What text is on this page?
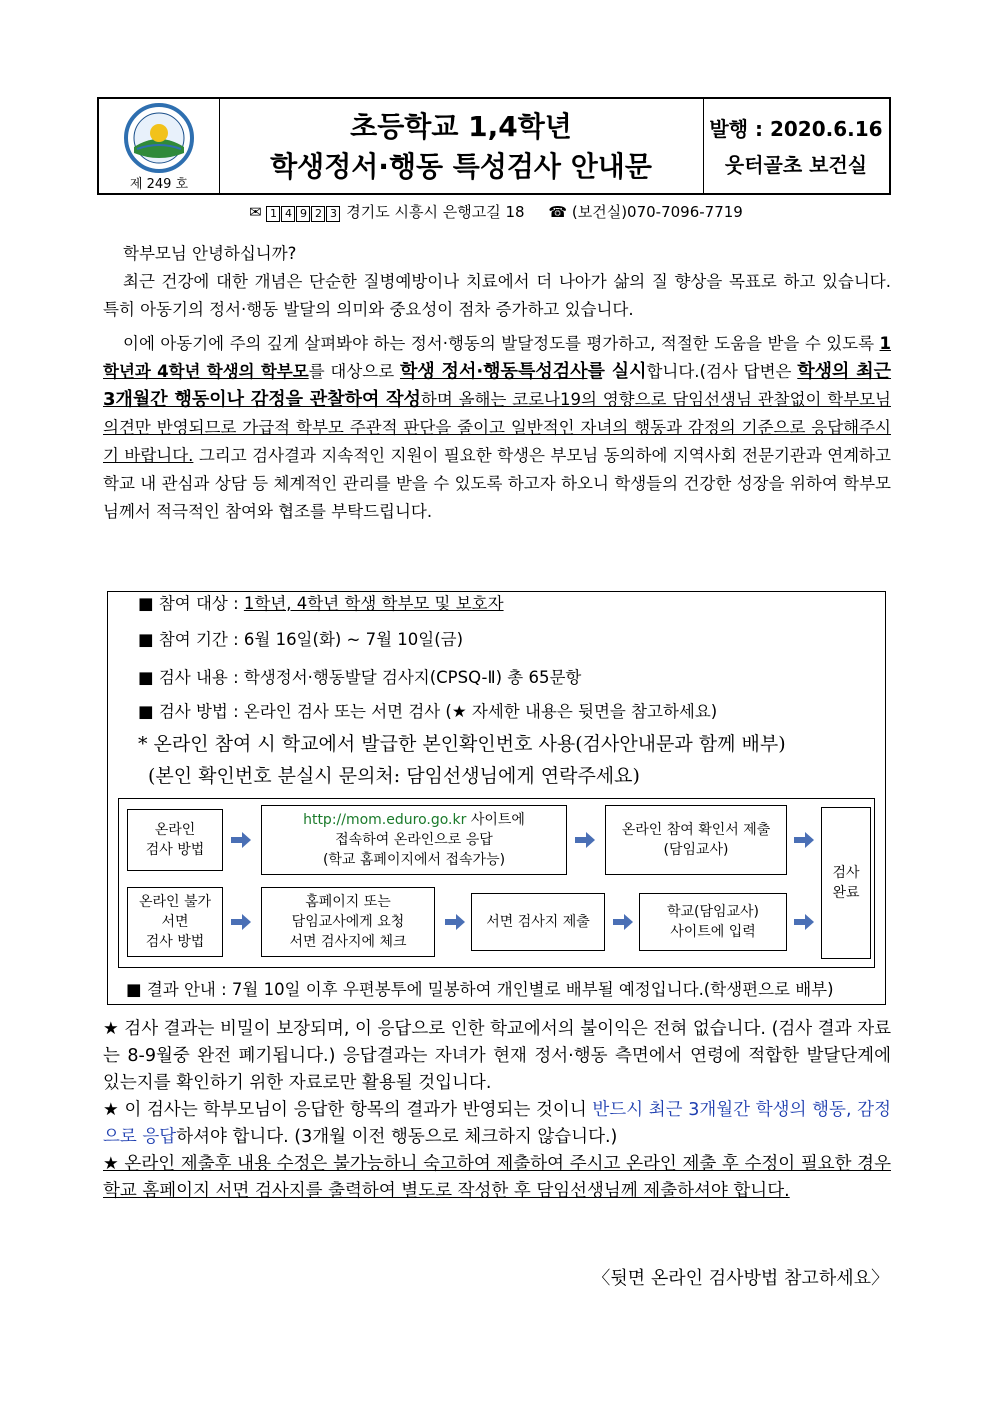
제 249 호
초등학교 1,4학년
학생정서·행동 특성검사 안내문
발행 : 2020.6.16
웃터골초 보건실
✉ 1 4 9 2 3 경기도 시흥시 은행고길 18 ☎ (보건실)070-7096-7719

학부모님 안녕하십니까?

최근 건강에 대한 개념은 단순한 질병예방이나 치료에서 더 나아가 삶의 질 향상을 목표로 하고 있습니다. 특히 아동기의 정서·행동 발달의 의미와 중요성이 점차 증가하고 있습니다.

이에 아동기에 주의 깊게 살펴봐야 하는 정서·행동의 발달정도를 평가하고, 적절한 도움을 받을 수 있도록 1학년과 4학년 학생의 학부모를 대상으로 학생 정서·행동특성검사를 실시합니다.(검사 답변은 학생의 최근 3개월간 행동이나 감정을 관찰하여 작성하며 올해는 코로나19의 영향으로 담임선생님 관찰없이 학부모님 의견만 반영되므로 가급적 학부모 주관적 판단을 줄이고 일반적인 자녀의 행동과 감정의 기준으로 응답해주시기 바랍니다. 그리고 검사결과 지속적인 지원이 필요한 학생은 부모님 동의하에 지역사회 전문기관과 연계하고 학교 내 관심과 상담 등 체계적인 관리를 받을 수 있도록 하고자 하오니 학생들의 건강한 성장을 위하여 학부모님께서 적극적인 참여와 협조를 부탁드립니다.

■ 참여 대상 : 1학년, 4학년 학생 학부모 및 보호자
■ 참여 기간 : 6월 16일(화) ~ 7월 10일(금)
■ 검사 내용 : 학생정서·행동발달 검사지(CPSQ-Ⅱ) 총 65문항
■ 검사 방법 : 온라인 검사 또는 서면 검사 (★ 자세한 내용은 뒷면을 참고하세요)
* 온라인 참여 시 학교에서 발급한 본인확인번호 사용(검사안내문과 함께 배부)
(본인 확인번호 분실시 문의처: 담임선생님에게 연락주세요)
온라인
검사 방법
http://mom.eduro.go.kr 사이트에
접속하여 온라인으로 응답
(학교 홈페이지에서 접속가능)
온라인 참여 확인서 제출
(담임교사)
검사
완료
온라인 불가
서면
검사 방법
홈페이지 또는
담임교사에게 요청
서면 검사지에 체크
서면 검사지 제출
학교(담임교사)
사이트에 입력
■ 결과 안내 : 7월 10일 이후 우편봉투에 밀봉하여 개인별로 배부될 예정입니다.(학생편으로 배부)

★ 검사 결과는 비밀이 보장되며, 이 응답으로 인한 학교에서의 불이익은 전혀 없습니다. (검사 결과 자료는 8-9월중 완전 폐기됩니다.) 응답결과는 자녀가 현재 정서·행동 측면에서 연령에 적합한 발달단계에 있는지를 확인하기 위한 자료로만 활용될 것입니다.

★ 이 검사는 학부모님이 응답한 항목의 결과가 반영되는 것이니 반드시 최근 3개월간 학생의 행동, 감정으로 응답하셔야 합니다. (3개월 이전 행동으로 체크하지 않습니다.)

★ 온라인 제출후 내용 수정은 불가능하니 숙고하여 제출하여 주시고 온라인 제출 후 수정이 필요한 경우 학교 홈페이지 서면 검사지를 출력하여 별도로 작성한 후 담임선생님께 제출하셔야 합니다.

〈뒷면 온라인 검사방법 참고하세요〉
